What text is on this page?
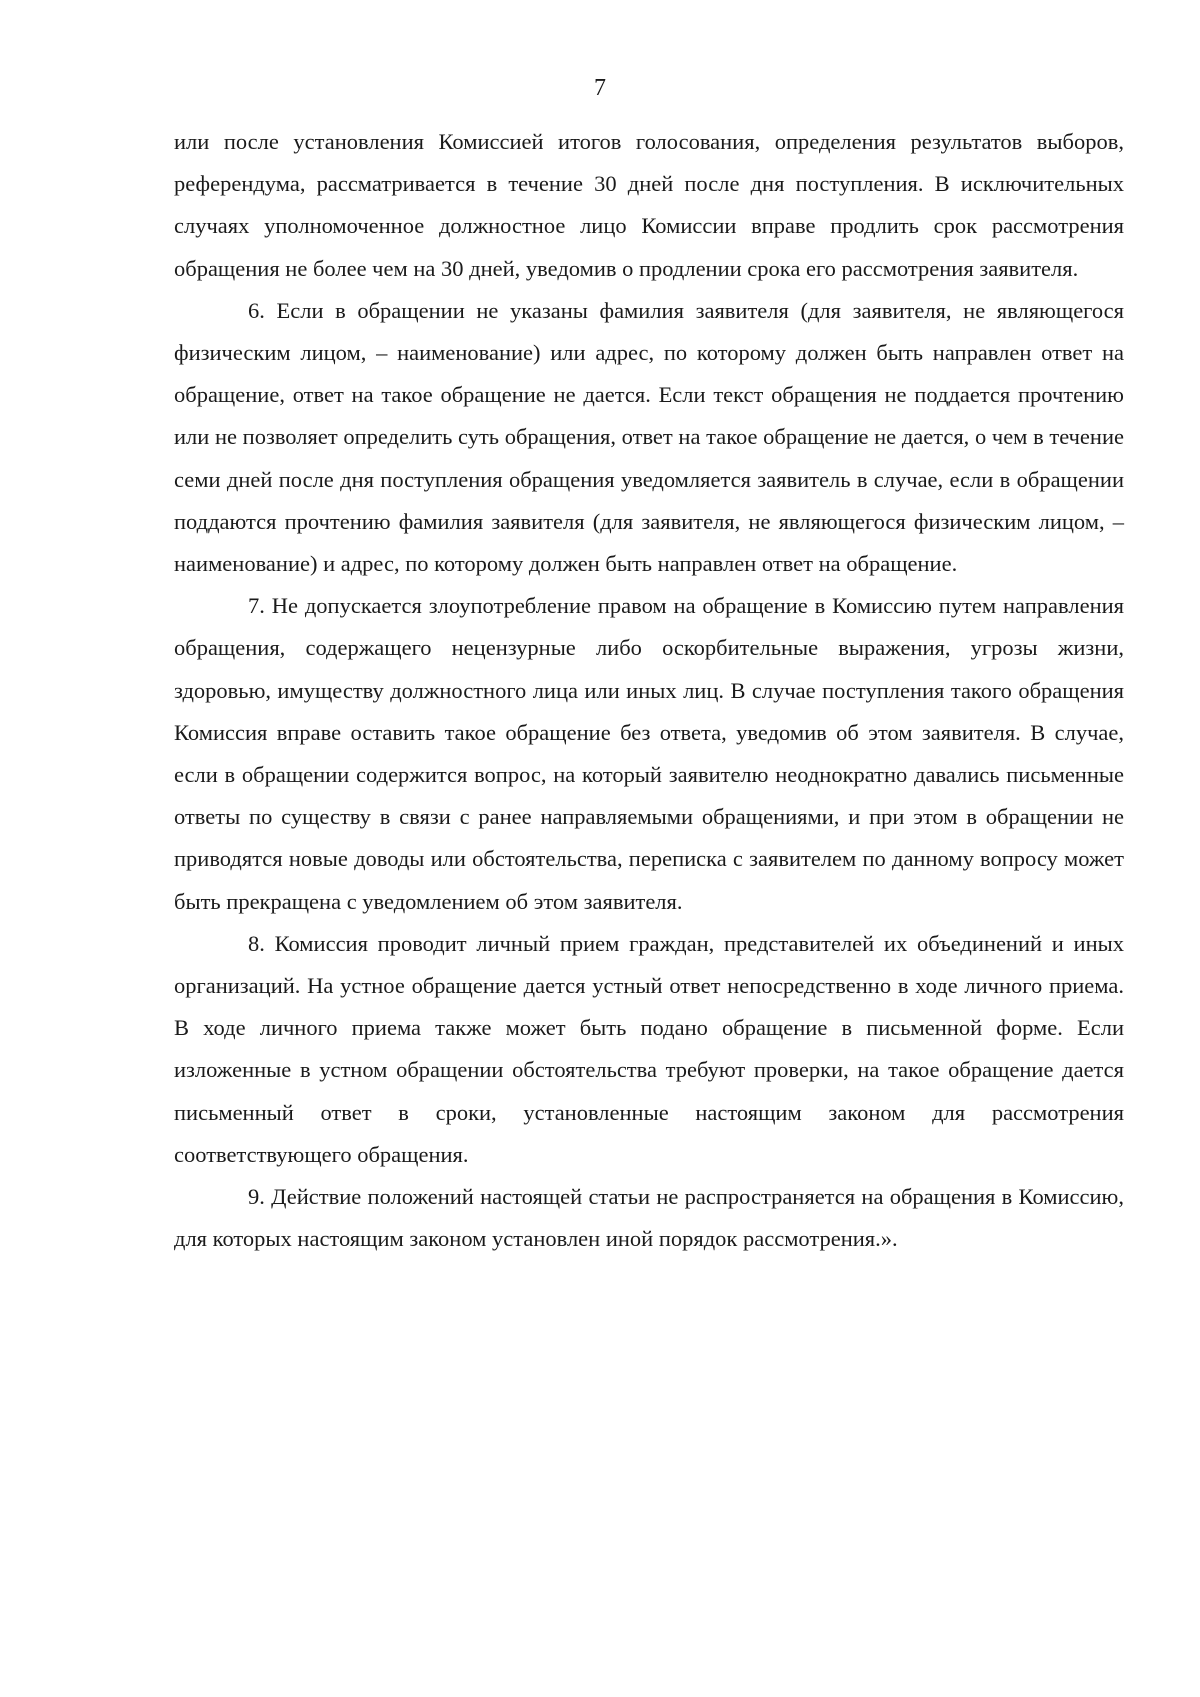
7

или после установления Комиссией итогов голосования, определения результатов выборов, референдума, рассматривается в течение 30 дней после дня поступления. В исключительных случаях уполномоченное должностное лицо Комиссии вправе продлить срок рассмотрения обращения не более чем на 30 дней, уведомив о продлении срока его рассмотрения заявителя.

6. Если в обращении не указаны фамилия заявителя (для заявителя, не являющегося физическим лицом, – наименование) или адрес, по которому должен быть направлен ответ на обращение, ответ на такое обращение не дается. Если текст обращения не поддается прочтению или не позволяет определить суть обращения, ответ на такое обращение не дается, о чем в течение семи дней после дня поступления обращения уведомляется заявитель в случае, если в обращении поддаются прочтению фамилия заявителя (для заявителя, не являющегося физическим лицом, – наименование) и адрес, по которому должен быть направлен ответ на обращение.

7. Не допускается злоупотребление правом на обращение в Комиссию путем направления обращения, содержащего нецензурные либо оскорбительные выражения, угрозы жизни, здоровью, имуществу должностного лица или иных лиц. В случае поступления такого обращения Комиссия вправе оставить такое обращение без ответа, уведомив об этом заявителя. В случае, если в обращении содержится вопрос, на который заявителю неоднократно давались письменные ответы по существу в связи с ранее направляемыми обращениями, и при этом в обращении не приводятся новые доводы или обстоятельства, переписка с заявителем по данному вопросу может быть прекращена с уведомлением об этом заявителя.

8. Комиссия проводит личный прием граждан, представителей их объединений и иных организаций. На устное обращение дается устный ответ непосредственно в ходе личного приема. В ходе личного приема также может быть подано обращение в письменной форме. Если изложенные в устном обращении обстоятельства требуют проверки, на такое обращение дается письменный ответ в сроки, установленные настоящим законом для рассмотрения соответствующего обращения.

9. Действие положений настоящей статьи не распространяется на обращения в Комиссию, для которых настоящим законом установлен иной порядок рассмотрения.».
